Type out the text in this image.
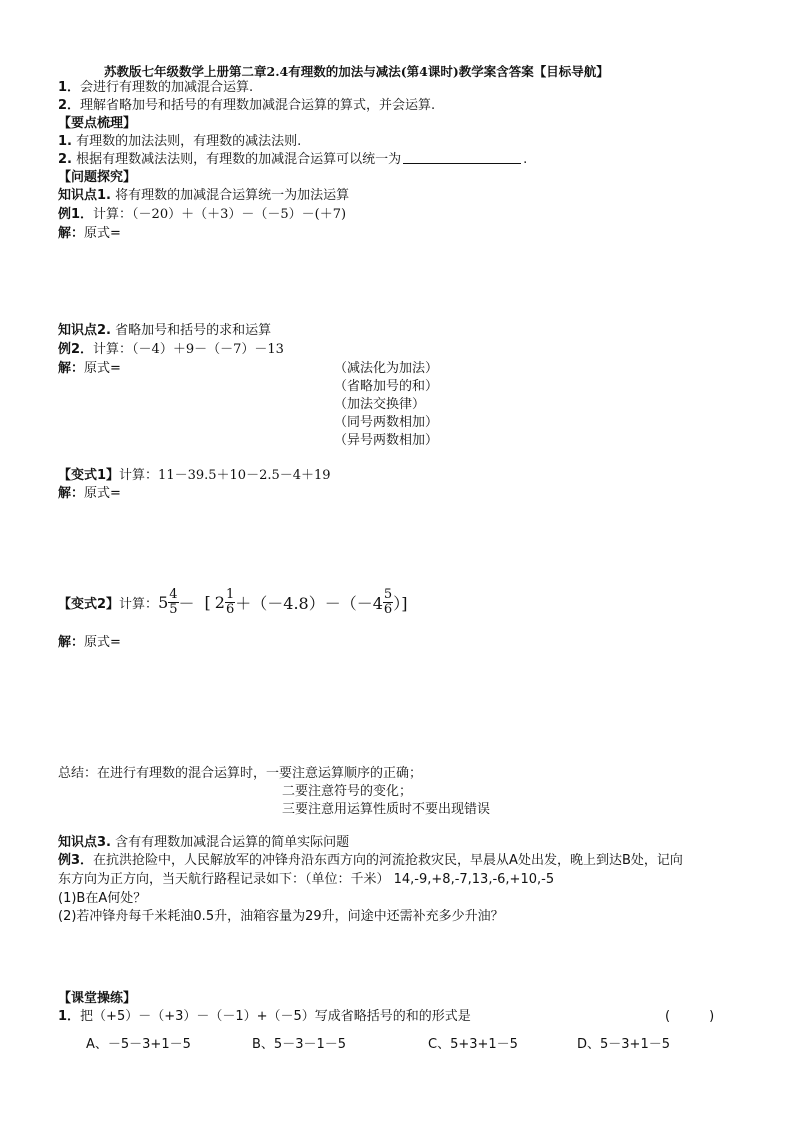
苏教版七年级数学上册第二章2.4有理数的加法与减法(第4课时)教学案含答案【目标导航】
1．会进行有理数的加减混合运算.
2．理解省略加号和括号的有理数加减混合运算的算式，并会运算.
【要点梳理】
1. 有理数的加法法则，有理数的减法法则.
2. 根据有理数减法法则，有理数的加减混合运算可以统一为	.
【问题探究】
知识点1. 将有理数的加减混合运算统一为加法运算
例1．计算：（－20）＋（＋3）－（－5）－(＋7)
解：原式=
知识点2. 省略加号和括号的求和运算
例2．计算：（－4）＋9－（－7）－13
解：原式=	（减法化为加法）
（省略加号的和）
（加法交换律）
（同号两数相加）
（异号两数相加）
【变式1】计算：11－39.5＋10－2.5－4＋19
解：原式=
【变式2】 计算： $5 \frac{4}{5}$ － [ $2 \frac{1}{6} +(-4.8)-(-4 \frac{5}{6}$ ）]
解：原式=
总结：在进行有理数的混合运算时，一要注意运算顺序的正确；
二要注意符号的变化；
三要注意用运算性质时不要出现错误
知识点3. 含有有理数加减混合运算的简单实际问题
例3．在抗洪抢险中，人民解放军的冲锋舟沿东西方向的河流抢救灾民，早晨从A处出发，晚上到达B处，记向
东方向为正方向，当天航行路程记录如下：（单位：千米） 14,-9,+8,-7,13,-6,+10,-5
(1)B在A何处？
(2)若冲锋舟每千米耗油0.5升，油箱容量为29升，问途中还需补充多少升油？
【课堂操练】
1．把（+5）－（+3）－（－1）+（－5）写成省略括号的和的形式是	(　　　)
A、－5－3+1－5	B、5－3－1－5	C、5+3+1－5	D、5－3+1－5
